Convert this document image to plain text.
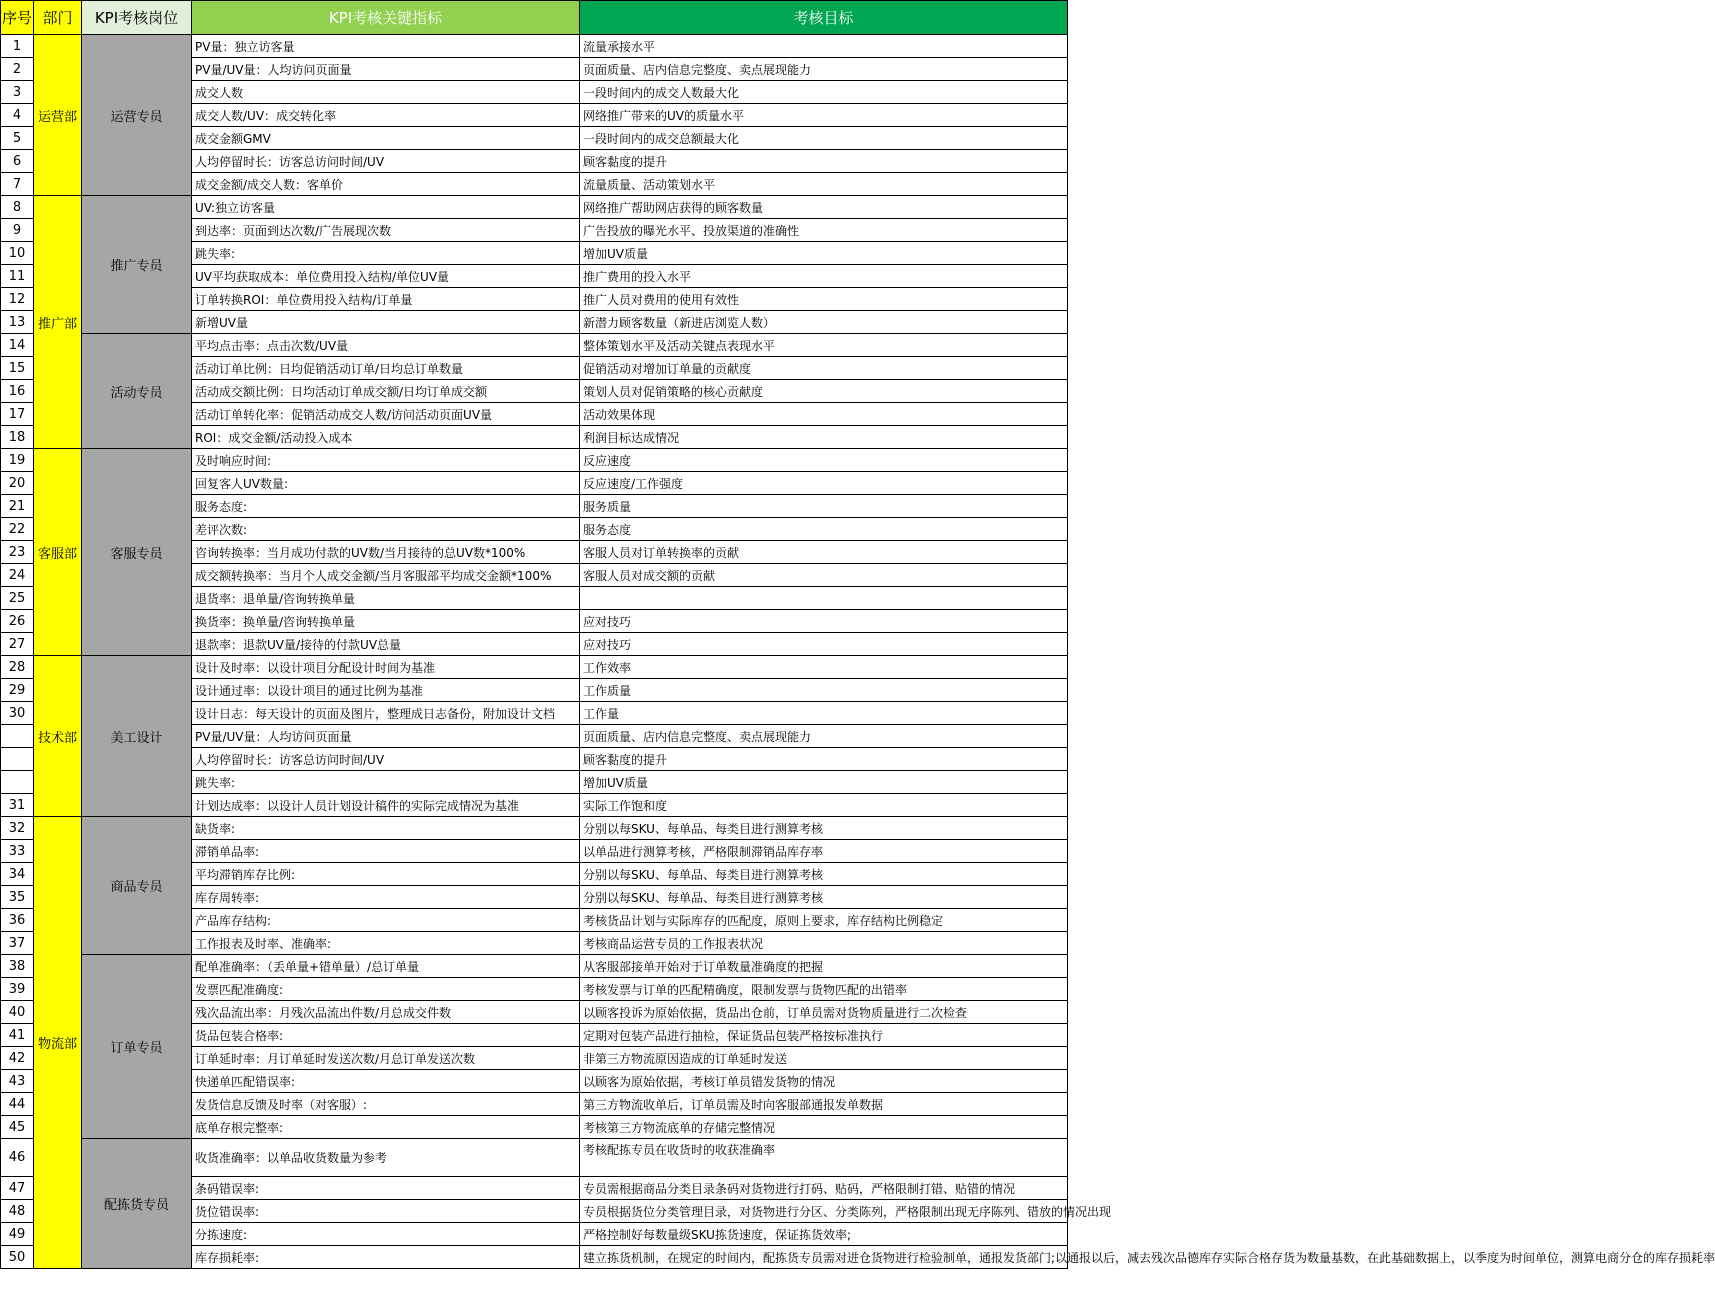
序号	部门	KPI考核岗位	KPI考核关键指标	考核目标
1	运营部	运营专员	PV量：独立访客量	流量承接水平
2			PV量/UV量：人均访问页面量	页面质量、店内信息完整度、卖点展现能力
3			成交人数	一段时间内的成交人数最大化
4			成交人数/UV：成交转化率	网络推广带来的UV的质量水平
5			成交金额GMV	一段时间内的成交总额最大化
6			人均停留时长：访客总访问时间/UV	顾客黏度的提升
7			成交金额/成交人数：客单价	流量质量、活动策划水平
8	推广部	推广专员	UV:独立访客量	网络推广帮助网店获得的顾客数量
9			到达率：页面到达次数/广告展现次数	广告投放的曝光水平、投放渠道的准确性
10			跳失率:	增加UV质量
11			UV平均获取成本：单位费用投入结构/单位UV量	推广费用的投入水平
12			订单转换ROI：单位费用投入结构/订单量	推广人员对费用的使用有效性
13			新增UV量	新潜力顾客数量（新进店浏览人数）
14		活动专员	平均点击率：点击次数/UV量	整体策划水平及活动关键点表现水平
15			活动订单比例：日均促销活动订单/日均总订单数量	促销活动对增加订单量的贡献度
16			活动成交额比例：日均活动订单成交额/日均订单成交额	策划人员对促销策略的核心贡献度
17			活动订单转化率：促销活动成交人数/访问活动页面UV量	活动效果体现
18			ROI：成交金额/活动投入成本	利润目标达成情况
19	客服部	客服专员	及时响应时间:	反应速度
20			回复客人UV数量:	反应速度/工作强度
21			服务态度:	服务质量
22			差评次数:	服务态度
23			咨询转换率：当月成功付款的UV数/当月接待的总UV数*100%	客服人员对订单转换率的贡献
24			成交额转换率：当月个人成交金额/当月客服部平均成交金额*100%	客服人员对成交额的贡献
25			退货率：退单量/咨询转换单量	
26			换货率：换单量/咨询转换单量	应对技巧
27			退款率：退款UV量/接待的付款UV总量	应对技巧
28	技术部	美工设计	设计及时率：以设计项目分配设计时间为基准	工作效率
29			设计通过率：以设计项目的通过比例为基准	工作质量
30			设计日志：每天设计的页面及图片，整理成日志备份，附加设计文档	工作量
			PV量/UV量：人均访问页面量	页面质量、店内信息完整度、卖点展现能力
			人均停留时长：访客总访问时间/UV	顾客黏度的提升
			跳失率:	增加UV质量
31			计划达成率：以设计人员计划设计稿件的实际完成情况为基准	实际工作饱和度
32	物流部	商品专员	缺货率:	分别以每SKU、每单品、每类目进行测算考核
33			滞销单品率:	以单品进行测算考核，严格限制滞销品库存率
34			平均滞销库存比例:	分别以每SKU、每单品、每类目进行测算考核
35			库存周转率:	分别以每SKU、每单品、每类目进行测算考核
36			产品库存结构:	考核货品计划与实际库存的匹配度，原则上要求，库存结构比例稳定
37			工作报表及时率、准确率:	考核商品运营专员的工作报表状况
38		订单专员	配单准确率：（丢单量+错单量）/总订单量	从客服部接单开始对于订单数量准确度的把握
39			发票匹配准确度:	考核发票与订单的匹配精确度，限制发票与货物匹配的出错率
40			残次品流出率：月残次品流出件数/月总成交件数	以顾客投诉为原始依据，货品出仓前，订单员需对货物质量进行二次检查
41			货品包装合格率:	定期对包装产品进行抽检，保证货品包装严格按标准执行
42			订单延时率：月订单延时发送次数/月总订单发送次数	非第三方物流原因造成的订单延时发送
43			快递单匹配错误率:	以顾客为原始依据，考核订单员错发货物的情况
44			发货信息反馈及时率（对客服）:	第三方物流收单后，订单员需及时向客服部通报发单数据
45			底单存根完整率:	考核第三方物流底单的存储完整情况
46		配拣货专员	收货准确率：以单品收货数量为参考	考核配拣专员在收货时的收获准确率
47			条码错误率:	专员需根据商品分类目录条码对货物进行打码、贴码，严格限制打错、贴错的情况
48			货位错误率:	专员根据货位分类管理目录，对货物进行分区、分类陈列，严格限制出现无序陈列、错放的情况出现
49			分拣速度:	严格控制好每数量级SKU拣货速度，保证拣货效率;
50			库存损耗率:	建立拣货机制，在规定的时间内，配拣货专员需对进仓货物进行检验制单，通报发货部门;以通报以后，减去残次品德库存实际合格存货为数量基数，在此基础数据上，以季度为时间单位，测算电商分仓的库存损耗率
